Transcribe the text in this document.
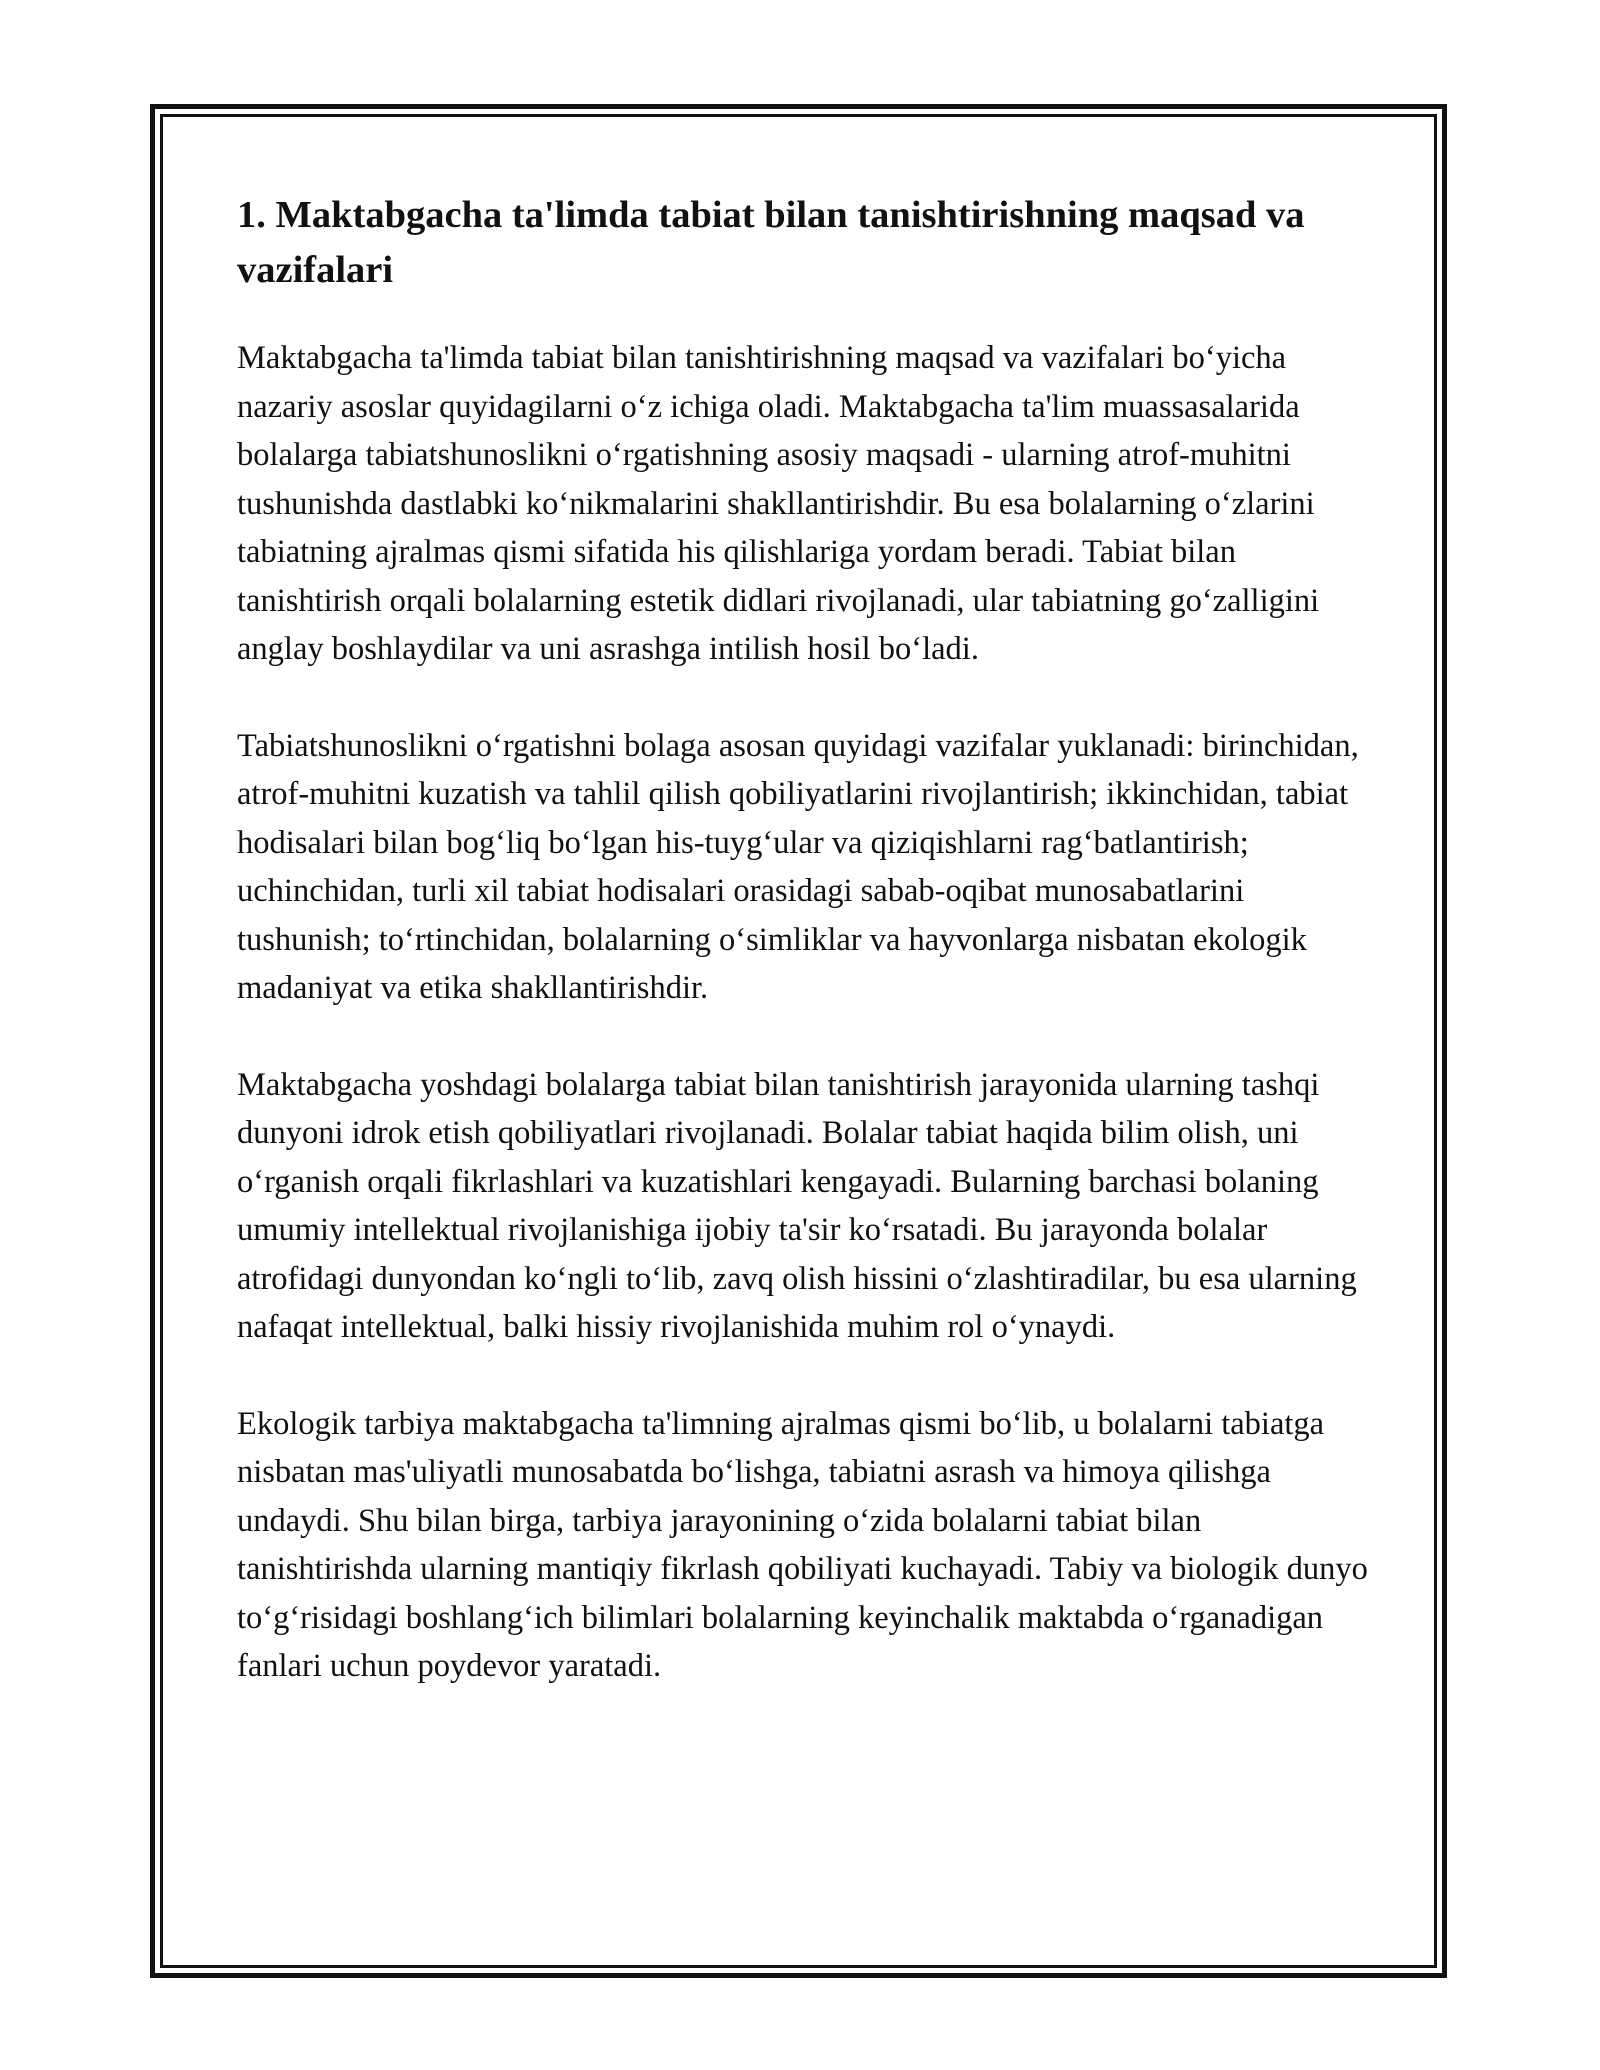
1. Maktabgacha ta'limda tabiat bilan tanishtirishning maqsad va vazifalari

Maktabgacha ta'limda tabiat bilan tanishtirishning maqsad va vazifalari bo‘yicha nazariy asoslar quyidagilarni o‘z ichiga oladi. Maktabgacha ta'lim muassasalarida bolalarga tabiatshunoslikni o‘rgatishning asosiy maqsadi - ularning atrof-muhitni tushunishda dastlabki ko‘nikmalarini shakllantirishdir. Bu esa bolalarning o‘zlarini tabiatning ajralmas qismi sifatida his qilishlariga yordam beradi. Tabiat bilan tanishtirish orqali bolalarning estetik didlari rivojlanadi, ular tabiatning go‘zalligini anglay boshlaydilar va uni asrashga intilish hosil bo‘ladi.

Tabiatshunoslikni o‘rgatishni bolaga asosan quyidagi vazifalar yuklanadi: birinchidan, atrof-muhitni kuzatish va tahlil qilish qobiliyatlarini rivojlantirish; ikkinchidan, tabiat hodisalari bilan bog‘liq bo‘lgan his-tuyg‘ular va qiziqishlarni rag‘batlantirish; uchinchidan, turli xil tabiat hodisalari orasidagi sabab-oqibat munosabatlarini tushunish; to‘rtinchidan, bolalarning o‘simliklar va hayvonlarga nisbatan ekologik madaniyat va etika shakllantirishdir.

Maktabgacha yoshdagi bolalarga tabiat bilan tanishtirish jarayonida ularning tashqi dunyoni idrok etish qobiliyatlari rivojlanadi. Bolalar tabiat haqida bilim olish, uni o‘rganish orqali fikrlashlari va kuzatishlari kengayadi. Bularning barchasi bolaning umumiy intellektual rivojlanishiga ijobiy ta'sir ko‘rsatadi. Bu jarayonda bolalar atrofidagi dunyondan ko‘ngli to‘lib, zavq olish hissini o‘zlashtiradilar, bu esa ularning nafaqat intellektual, balki hissiy rivojlanishida muhim rol o‘ynaydi.

Ekologik tarbiya maktabgacha ta'limning ajralmas qismi bo‘lib, u bolalarni tabiatga nisbatan mas'uliyatli munosabatda bo‘lishga, tabiatni asrash va himoya qilishga undaydi. Shu bilan birga, tarbiya jarayonining o‘zida bolalarni tabiat bilan tanishtirishda ularning mantiqiy fikrlash qobiliyati kuchayadi. Tabiy va biologik dunyo to‘g‘risidagi boshlang‘ich bilimlari bolalarning keyinchalik maktabda o‘rganadigan fanlari uchun poydevor yaratadi.
